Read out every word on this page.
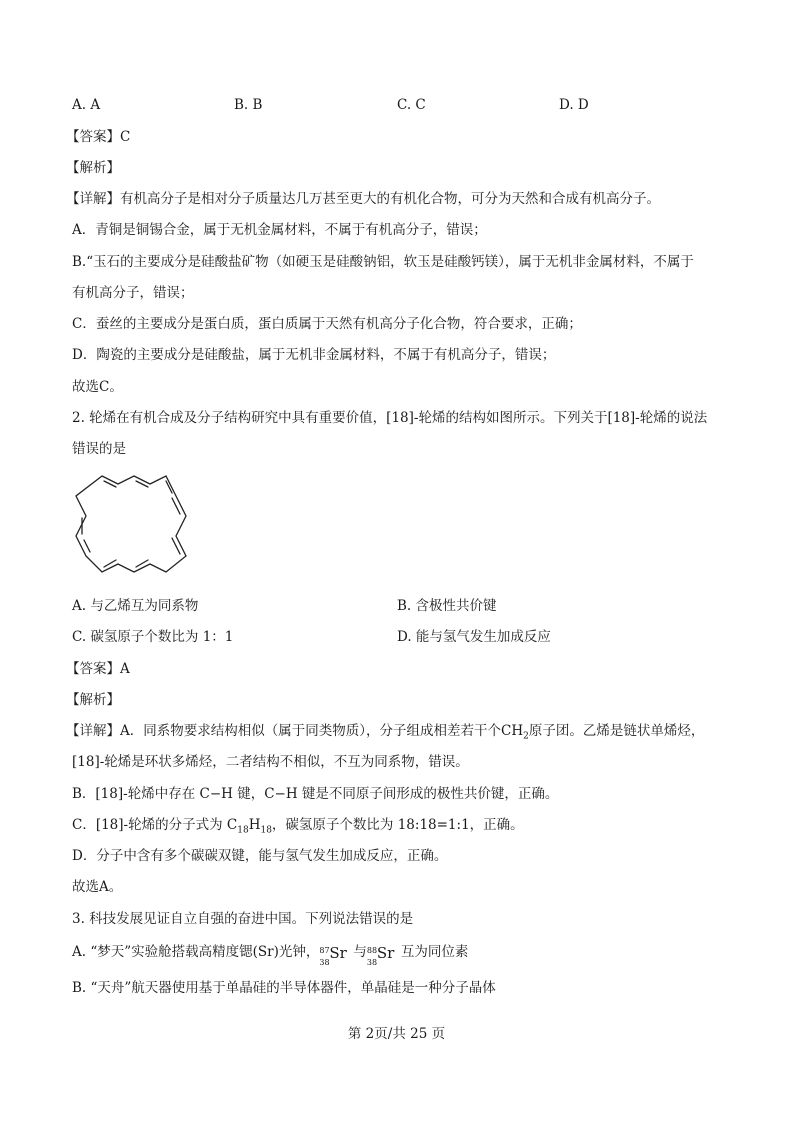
A. A	B. B	C. C	D. D
【答案】C
【解析】
【详解】有机高分子是相对分子质量达几万甚至更大的有机化合物，可分为天然和合成有机高分子。
A．青铜是铜锡合金，属于无机金属材料，不属于有机高分子，错误；
B.“玉石的主要成分是硅酸盐矿物（如硬玉是硅酸钠铝，软玉是硅酸钙镁），属于无机非金属材料，不属于
有机高分子，错误；
C．蚕丝的主要成分是蛋白质，蛋白质属于天然有机高分子化合物，符合要求，正确；
D．陶瓷的主要成分是硅酸盐，属于无机非金属材料，不属于有机高分子，错误；
故选C。
2. 轮烯在有机合成及分子结构研究中具有重要价值，[18]-轮烯的结构如图所示。下列关于[18]-轮烯的说法
错误的是
A. 与乙烯互为同系物	B. 含极性共价键
C. 碳氢原子个数比为 1：1	D. 能与氢气发生加成反应
【答案】A
【解析】
【详解】A．同系物要求结构相似（属于同类物质），分子组成相差若干个$CH_2$原子团。乙烯是链状单烯烃，
[18]-轮烯是环状多烯烃，二者结构不相似，不互为同系物，错误。
B．[18]-轮烯中存在 C−H 键，C−H 键是不同原子间形成的极性共价键，正确。
C．[18]-轮烯的分子式为 $C_{18}H_{18}$，碳氢原子个数比为 18:18=1:1，正确。
D．分子中含有多个碳碳双键，能与氢气发生加成反应，正确。
故选A。
3. 科技发展见证自立自强的奋进中国。下列说法错误的是
A. “梦天”实验舱搭载高精度锶(Sr)光钟， 87
38
Sr 与 88
38
Sr 互为同位素
B. “天舟”航天器使用基于单晶硅的半导体器件，单晶硅是一种分子晶体
第 2页/共 25 页
